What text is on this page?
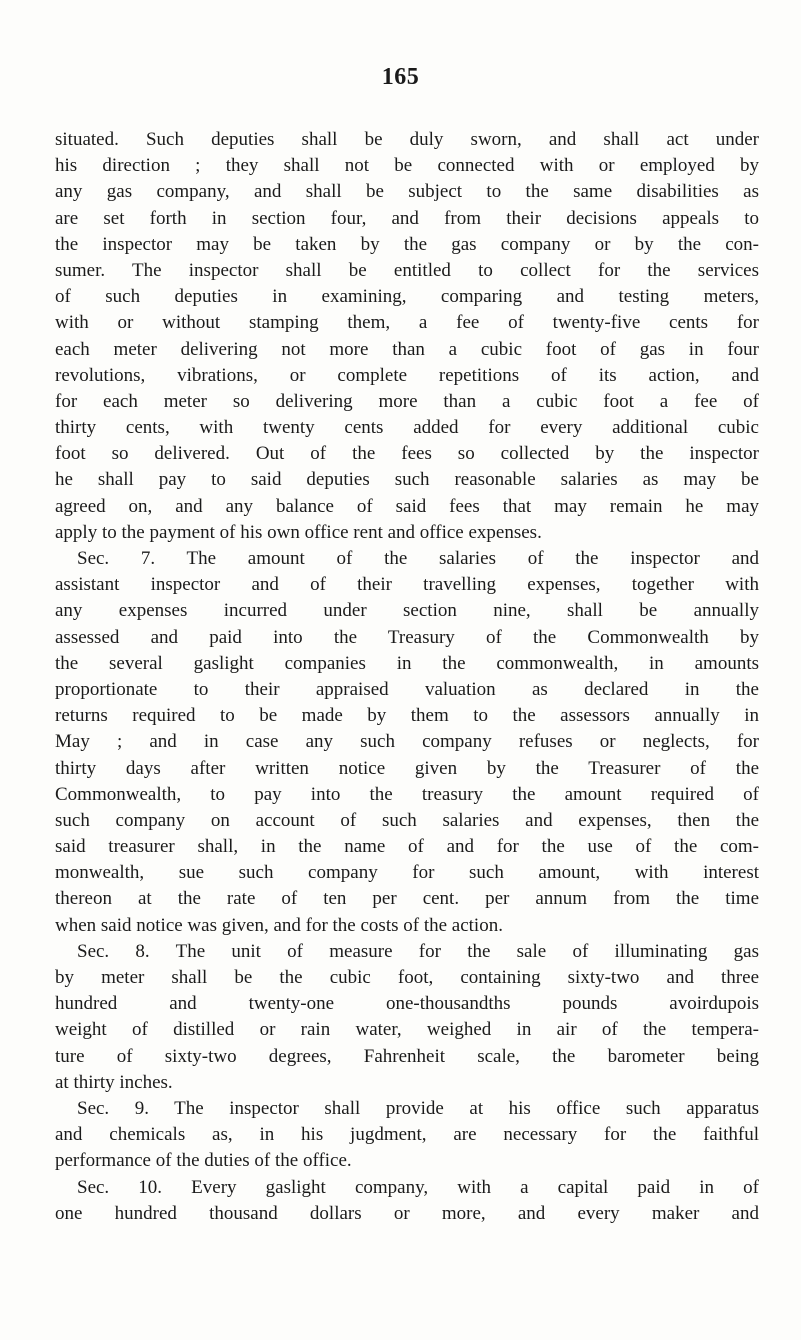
165
situated. Such deputies shall be duly sworn, and shall act under
his direction ; they shall not be connected with or employed by
any gas company, and shall be subject to the same disabilities as
are set forth in section four, and from their decisions appeals to
the inspector may be taken by the gas company or by the con-
sumer. The inspector shall be entitled to collect for the services
of such deputies in examining, comparing and testing meters,
with or without stamping them, a fee of twenty-five cents for
each meter delivering not more than a cubic foot of gas in four
revolutions, vibrations, or complete repetitions of its action, and
for each meter so delivering more than a cubic foot a fee of
thirty cents, with twenty cents added for every additional cubic
foot so delivered. Out of the fees so collected by the inspector
he shall pay to said deputies such reasonable salaries as may be
agreed on, and any balance of said fees that may remain he may
apply to the payment of his own office rent and office expenses.
Sec. 7. The amount of the salaries of the inspector and
assistant inspector and of their travelling expenses, together with
any expenses incurred under section nine, shall be annually
assessed and paid into the Treasury of the Commonwealth by
the several gaslight companies in the commonwealth, in amounts
proportionate to their appraised valuation as declared in the
returns required to be made by them to the assessors annually in
May ; and in case any such company refuses or neglects, for
thirty days after written notice given by the Treasurer of the
Commonwealth, to pay into the treasury the amount required of
such company on account of such salaries and expenses, then the
said treasurer shall, in the name of and for the use of the com-
monwealth, sue such company for such amount, with interest
thereon at the rate of ten per cent. per annum from the time
when said notice was given, and for the costs of the action.
Sec. 8. The unit of measure for the sale of illuminating gas
by meter shall be the cubic foot, containing sixty-two and three
hundred and twenty-one one-thousandths pounds avoirdupois
weight of distilled or rain water, weighed in air of the tempera-
ture of sixty-two degrees, Fahrenheit scale, the barometer being
at thirty inches.
Sec. 9. The inspector shall provide at his office such apparatus
and chemicals as, in his jugdment, are necessary for the faithful
performance of the duties of the office.
Sec. 10. Every gaslight company, with a capital paid in of
one hundred thousand dollars or more, and every maker and
